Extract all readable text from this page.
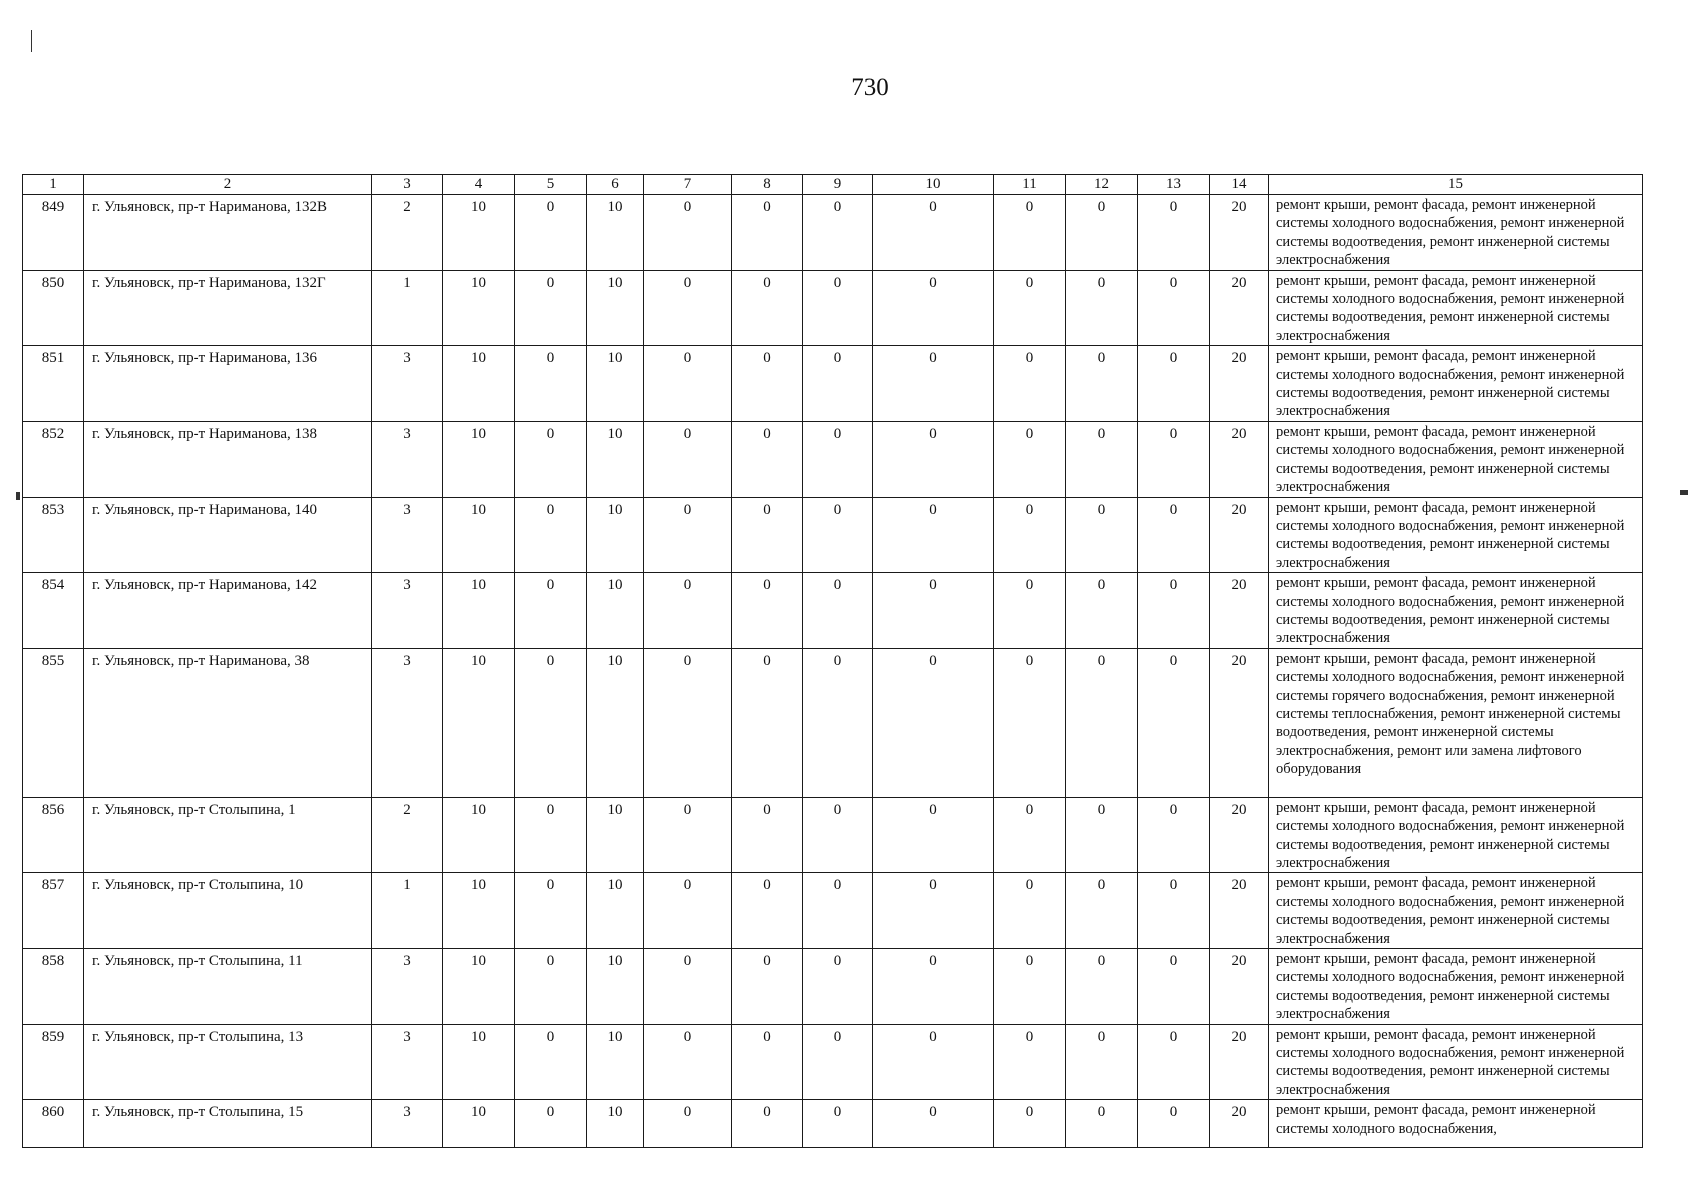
730
1	2	3	4	5	6	7	8	9	10	11	12	13	14	15
849	г. Ульяновск, пр-т Нариманова, 132В	2	10	0	10	0	0	0	0	0	0	0	20	ремонт крыши, ремонт фасада, ремонт инженерной системы холодного водоснабжения, ремонт инженерной системы водоотведения, ремонт инженерной системы электроснабжения
850	г. Ульяновск, пр-т Нариманова, 132Г	1	10	0	10	0	0	0	0	0	0	0	20	ремонт крыши, ремонт фасада, ремонт инженерной системы холодного водоснабжения, ремонт инженерной системы водоотведения, ремонт инженерной системы электроснабжения
851	г. Ульяновск, пр-т Нариманова, 136	3	10	0	10	0	0	0	0	0	0	0	20	ремонт крыши, ремонт фасада, ремонт инженерной системы холодного водоснабжения, ремонт инженерной системы водоотведения, ремонт инженерной системы электроснабжения
852	г. Ульяновск, пр-т Нариманова, 138	3	10	0	10	0	0	0	0	0	0	0	20	ремонт крыши, ремонт фасада, ремонт инженерной системы холодного водоснабжения, ремонт инженерной системы водоотведения, ремонт инженерной системы электроснабжения
853	г. Ульяновск, пр-т Нариманова, 140	3	10	0	10	0	0	0	0	0	0	0	20	ремонт крыши, ремонт фасада, ремонт инженерной системы холодного водоснабжения, ремонт инженерной системы водоотведения, ремонт инженерной системы электроснабжения
854	г. Ульяновск, пр-т Нариманова, 142	3	10	0	10	0	0	0	0	0	0	0	20	ремонт крыши, ремонт фасада, ремонт инженерной системы холодного водоснабжения, ремонт инженерной системы водоотведения, ремонт инженерной системы электроснабжения
855	г. Ульяновск, пр-т Нариманова, 38	3	10	0	10	0	0	0	0	0	0	0	20	ремонт крыши, ремонт фасада, ремонт инженерной системы холодного водоснабжения, ремонт инженерной системы горячего водоснабжения, ремонт инженерной системы теплоснабжения, ремонт инженерной системы водоотведения, ремонт инженерной системы электроснабжения, ремонт или замена лифтового оборудования
856	г. Ульяновск, пр-т Столыпина, 1	2	10	0	10	0	0	0	0	0	0	0	20	ремонт крыши, ремонт фасада, ремонт инженерной системы холодного водоснабжения, ремонт инженерной системы водоотведения, ремонт инженерной системы электроснабжения
857	г. Ульяновск, пр-т Столыпина, 10	1	10	0	10	0	0	0	0	0	0	0	20	ремонт крыши, ремонт фасада, ремонт инженерной системы холодного водоснабжения, ремонт инженерной системы водоотведения, ремонт инженерной системы электроснабжения
858	г. Ульяновск, пр-т Столыпина, 11	3	10	0	10	0	0	0	0	0	0	0	20	ремонт крыши, ремонт фасада, ремонт инженерной системы холодного водоснабжения, ремонт инженерной системы водоотведения, ремонт инженерной системы электроснабжения
859	г. Ульяновск, пр-т Столыпина, 13	3	10	0	10	0	0	0	0	0	0	0	20	ремонт крыши, ремонт фасада, ремонт инженерной системы холодного водоснабжения, ремонт инженерной системы водоотведения, ремонт инженерной системы электроснабжения
860	г. Ульяновск, пр-т Столыпина, 15	3	10	0	10	0	0	0	0	0	0	0	20	ремонт крыши, ремонт фасада, ремонт инженерной системы холодного водоснабжения,
